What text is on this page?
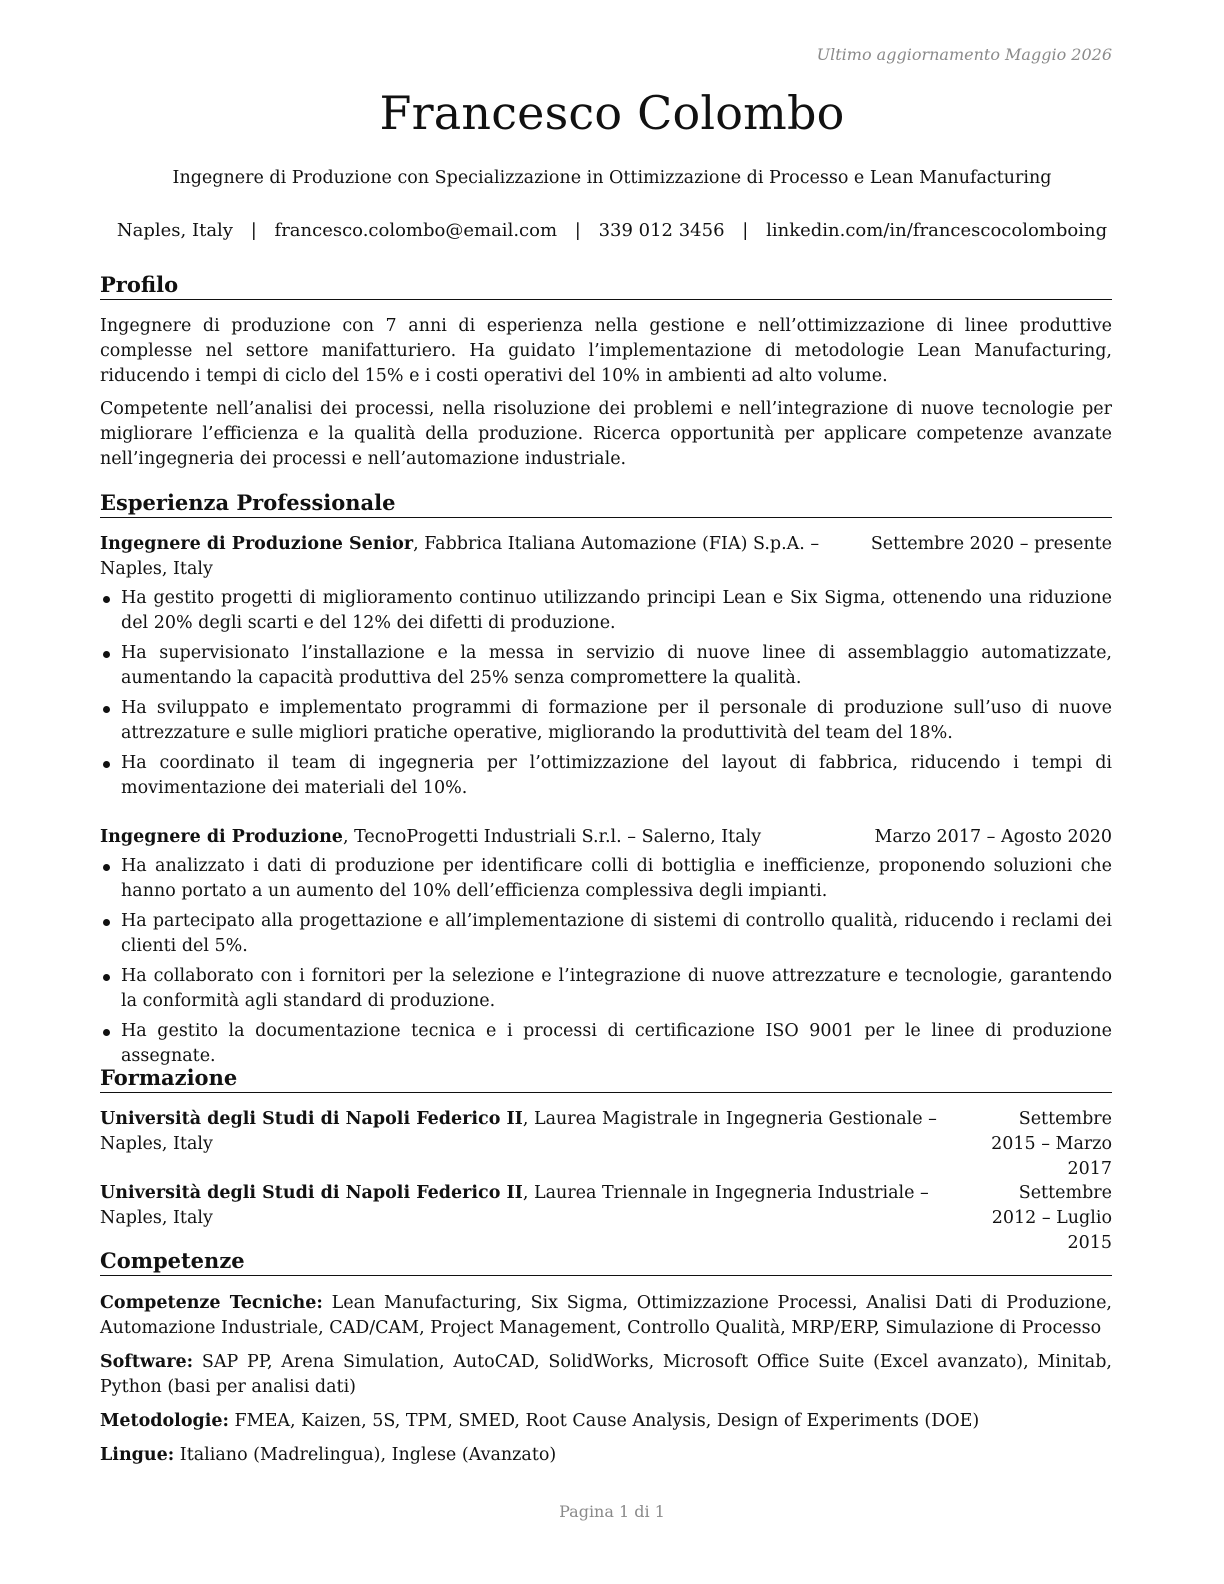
Ultimo aggiornamento Maggio 2026
Francesco Colombo
Ingegnere di Produzione con Specializzazione in Ottimizzazione di Processo e Lean Manufacturing
Naples, Italy | francesco.colombo@email.com | 339 012 3456 | linkedin.com/in/francescocolomboing
Profilo

Ingegnere di produzione con 7 anni di esperienza nella gestione e nell’ottimizzazione di linee produttive complesse nel settore manifatturiero. Ha guidato l’implementazione di metodologie Lean Manufacturing, riducendo i tempi di ciclo del 15% e i costi operativi del 10% in ambienti ad alto volume.

Competente nell’analisi dei processi, nella risoluzione dei problemi e nell’integrazione di nuove tecnologie per migliorare l’efficienza e la qualità della produzione. Ricerca opportunità per applicare competenze avanzate nell’ingegneria dei processi e nell’automazione industriale.

Esperienza Professionale
Ingegnere di Produzione Senior, Fabbrica Italiana Automazione (FIA) S.p.A. – Naples, Italy
Settembre 2020 – presente
Ha gestito progetti di miglioramento continuo utilizzando principi Lean e Six Sigma, ottenendo una riduzione del 20% degli scarti e del 12% dei difetti di produzione.
Ha supervisionato l’installazione e la messa in servizio di nuove linee di assemblaggio automatizzate, aumentando la capacità produttiva del 25% senza compromettere la qualità.
Ha sviluppato e implementato programmi di formazione per il personale di produzione sull’uso di nuove attrezzature e sulle migliori pratiche operative, migliorando la produttività del team del 18%.
Ha coordinato il team di ingegneria per l’ottimizzazione del layout di fabbrica, riducendo i tempi di movimentazione dei materiali del 10%.
Ingegnere di Produzione, TecnoProgetti Industriali S.r.l. – Salerno, Italy	Marzo 2017 – Agosto 2020
Ha analizzato i dati di produzione per identificare colli di bottiglia e inefficienze, proponendo soluzioni che hanno portato a un aumento del 10% dell’efficienza complessiva degli impianti.
Ha partecipato alla progettazione e all’implementazione di sistemi di controllo qualità, riducendo i reclami dei clienti del 5%.
Ha collaborato con i fornitori per la selezione e l’integrazione di nuove attrezzature e tecnologie, garantendo la conformità agli standard di produzione.
Ha gestito la documentazione tecnica e i processi di certificazione ISO 9001 per le linee di produzione assegnate.
Formazione
Università degli Studi di Napoli Federico II, Laurea Magistrale in Ingegneria Gestionale – Naples, Italy
Settembre 2015 – Marzo 2017
Università degli Studi di Napoli Federico II, Laurea Triennale in Ingegneria Industriale – Naples, Italy
Settembre 2012 – Luglio 2015
Competenze
Competenze Tecniche: Lean Manufacturing, Six Sigma, Ottimizzazione Processi, Analisi Dati di Produzione, Automazione Industriale, CAD/CAM, Project Management, Controllo Qualità, MRP/ERP, Simulazione di Processo
Software: SAP PP, Arena Simulation, AutoCAD, SolidWorks, Microsoft Office Suite (Excel avanzato), Minitab, Python (basi per analisi dati)
Metodologie: FMEA, Kaizen, 5S, TPM, SMED, Root Cause Analysis, Design of Experiments (DOE)
Lingue: Italiano (Madrelingua), Inglese (Avanzato)
Pagina 1 di 1
